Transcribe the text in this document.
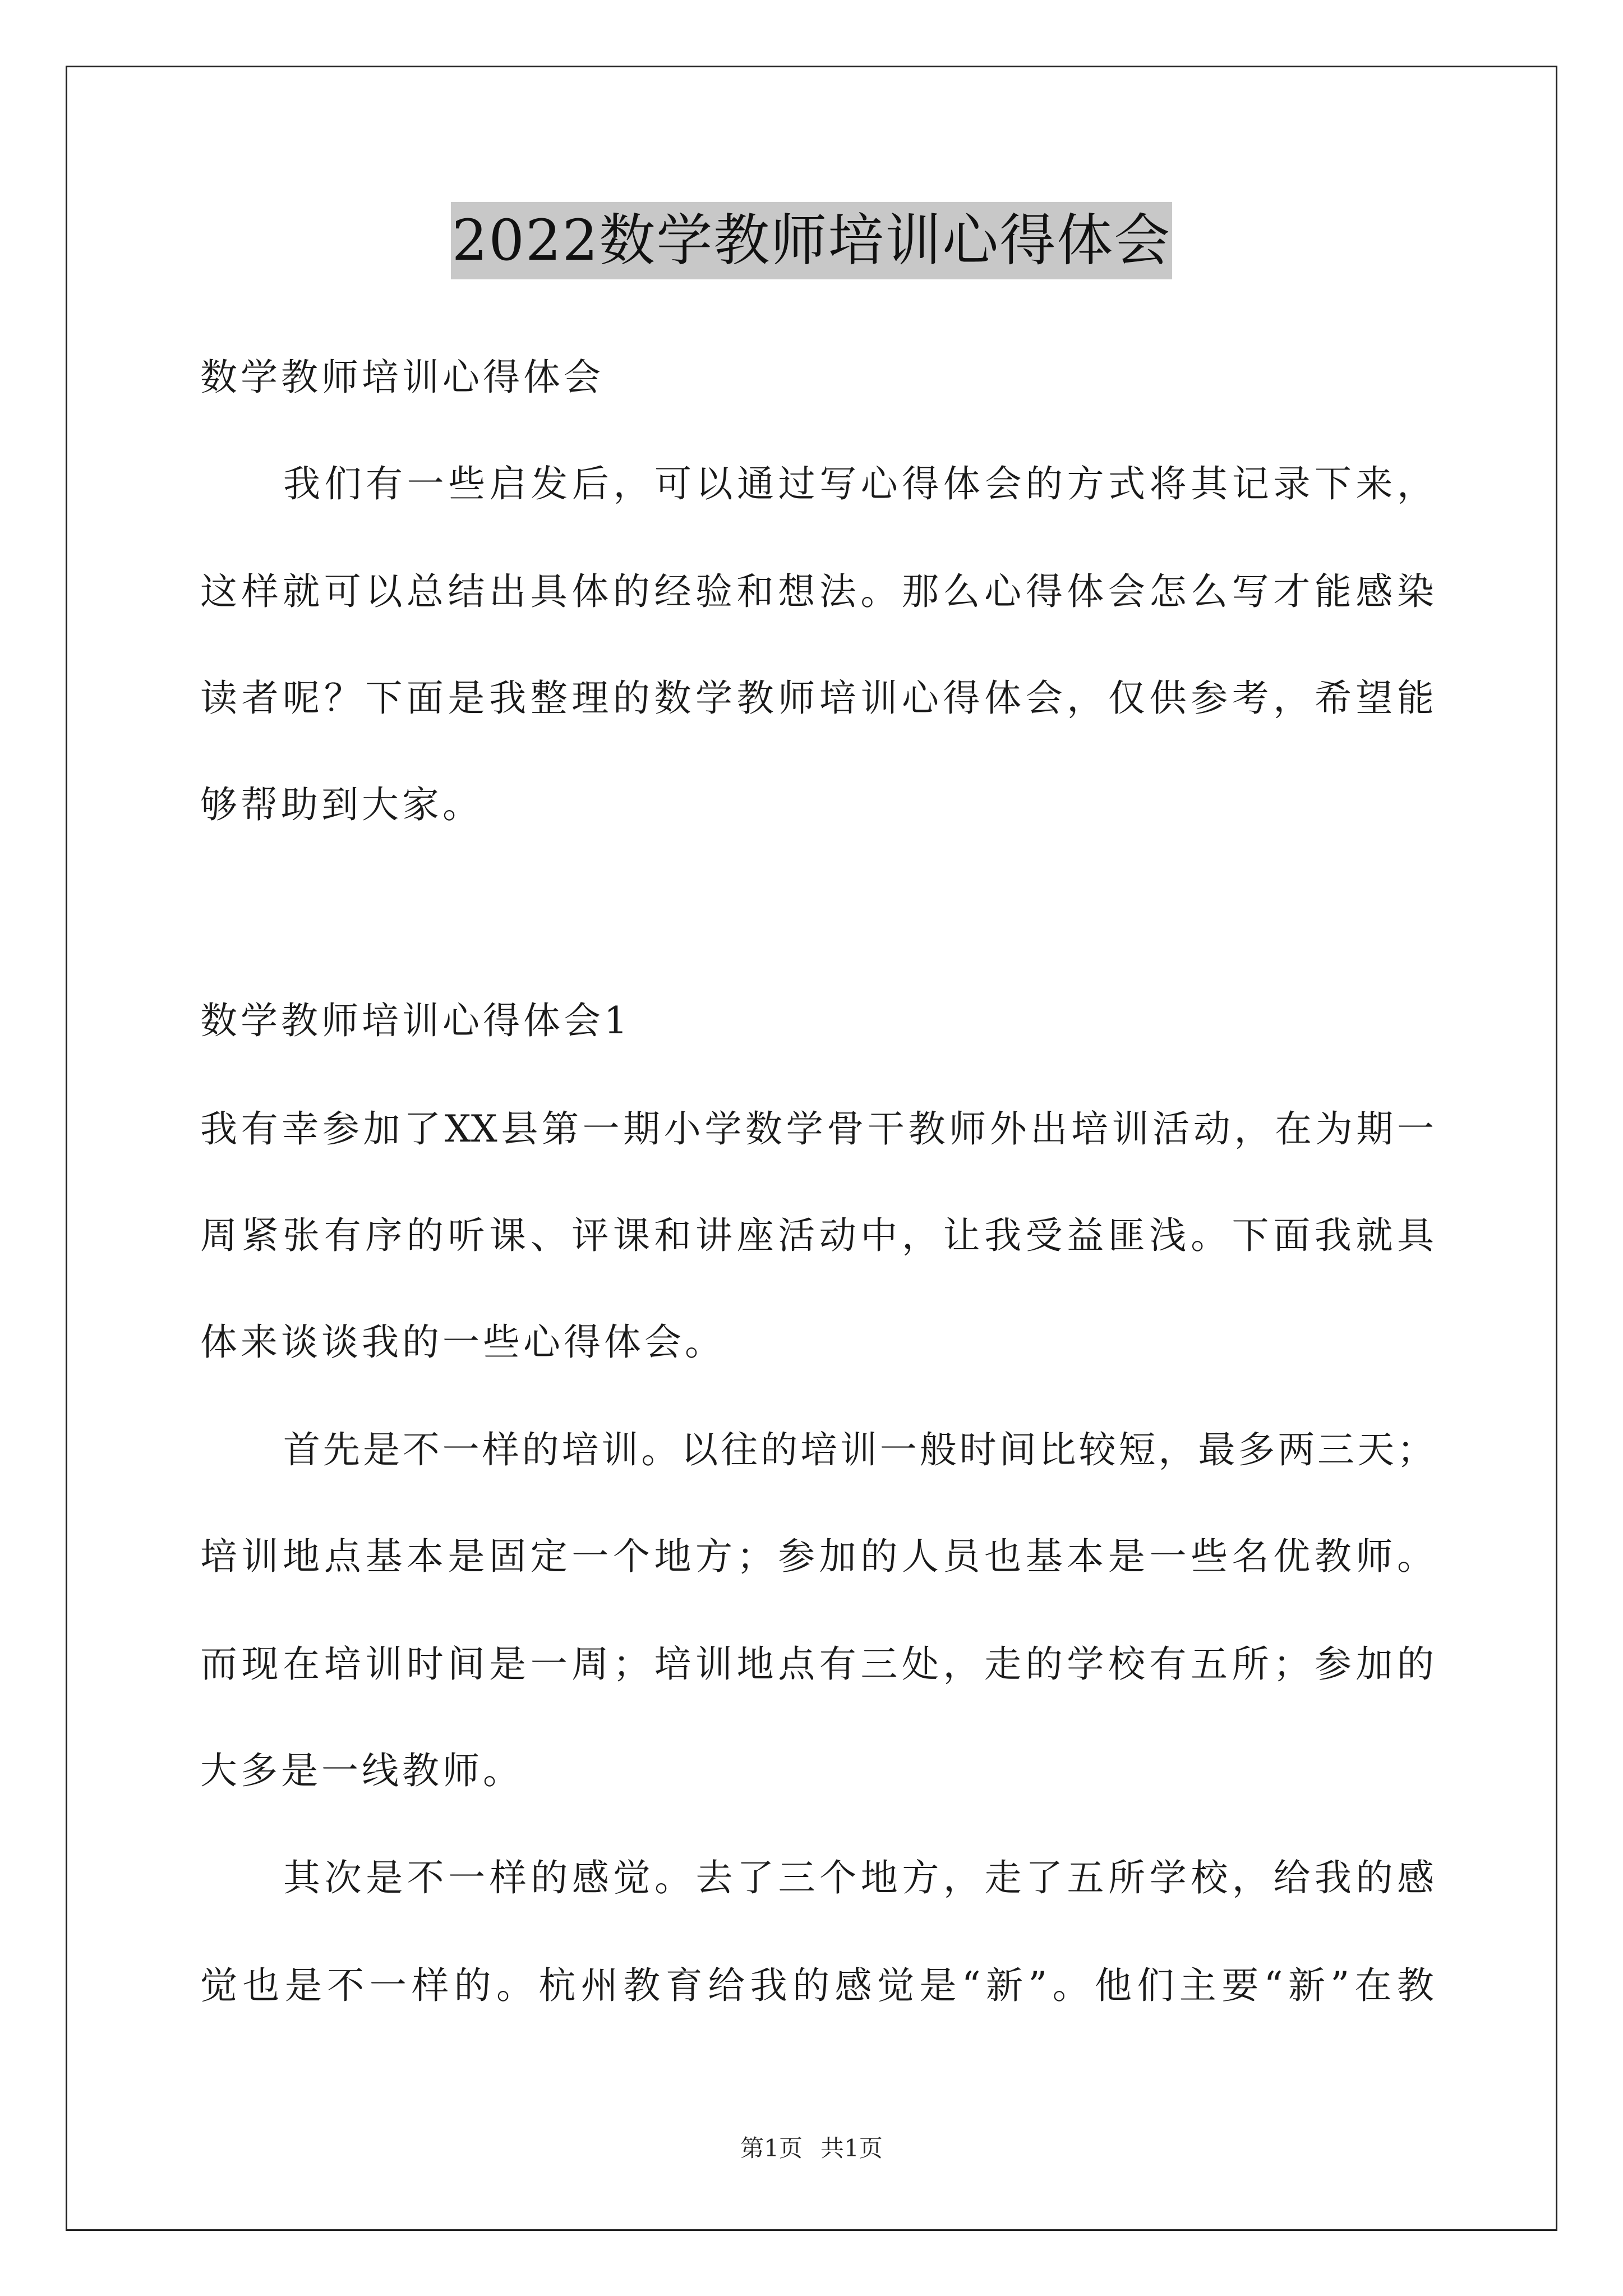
2022数学教师培训心得体会
数学教师培训心得体会
我们有一些启发后，可以通过写心得体会的方式将其记录下来，
这样就可以总结出具体的经验和想法。那么心得体会怎么写才能感染
读者呢？下面是我整理的数学教师培训心得体会，仅供参考，希望能
够帮助到大家。
数学教师培训心得体会1
我有幸参加了XX县第一期小学数学骨干教师外出培训活动，在为期一
周紧张有序的听课、评课和讲座活动中，让我受益匪浅。下面我就具
体来谈谈我的一些心得体会。
首先是不一样的培训。以往的培训一般时间比较短，最多两三天；
培训地点基本是固定一个地方；参加的人员也基本是一些名优教师。
而现在培训时间是一周；培训地点有三处，走的学校有五所；参加的
大多是一线教师。
其次是不一样的感觉。去了三个地方，走了五所学校，给我的感
觉也是不一样的。杭州教育给我的感觉是“新”。他们主要“新”在教
第1页 共1页
